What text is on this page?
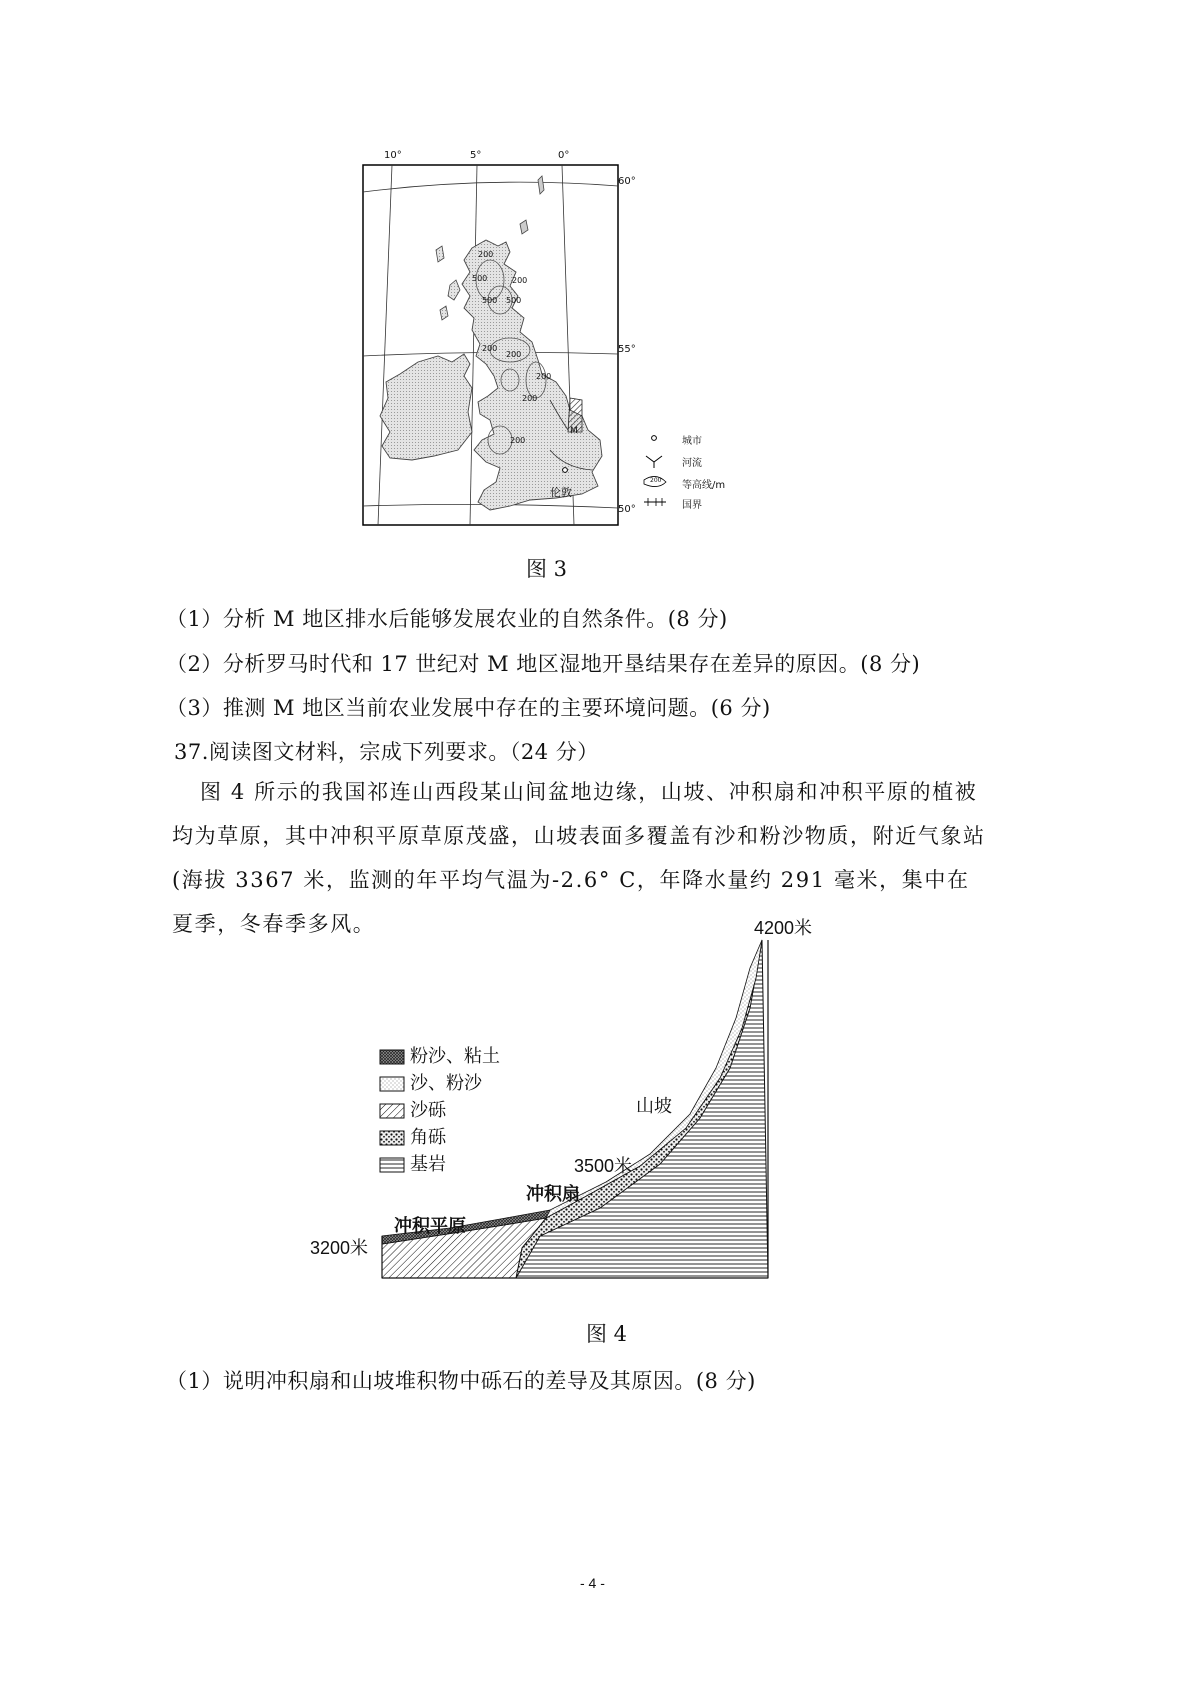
10°	5°	0°
60°
55°
50°
200
500	200
500 500
200
200
200
200
200
M
伦敦
城市
河流
200 等高线/m
国界
图 3
（1）分析 M 地区排水后能够发展农业的自然条件。(8 分)
（2）分析罗马时代和 17 世纪对 M 地区湿地开垦结果存在差异的原因。(8 分)
（3）推测 M 地区当前农业发展中存在的主要环境问题。(6 分)
37.阅读图文材料，宗成下列要求。（24 分）
图 4 所示的我国祁连山西段某山间盆地边缘，山坡、冲积扇和冲积平原的植被均为草原，其中冲积平原草原茂盛，山坡表面多覆盖有沙和粉沙物质，附近气象站(海拔 3367 米，监测的年平均气温为-2.6° C，年降水量约 291 毫米，集中在夏季，冬春季多风。
粉沙、粘土
沙、粉沙
沙砾
角砾
基岩
4200米
3500米
3200米
山坡
冲积扇
冲积平原
图 4
（1）说明冲积扇和山坡堆积物中砾石的差导及其原因。(8 分)
- 4 -
